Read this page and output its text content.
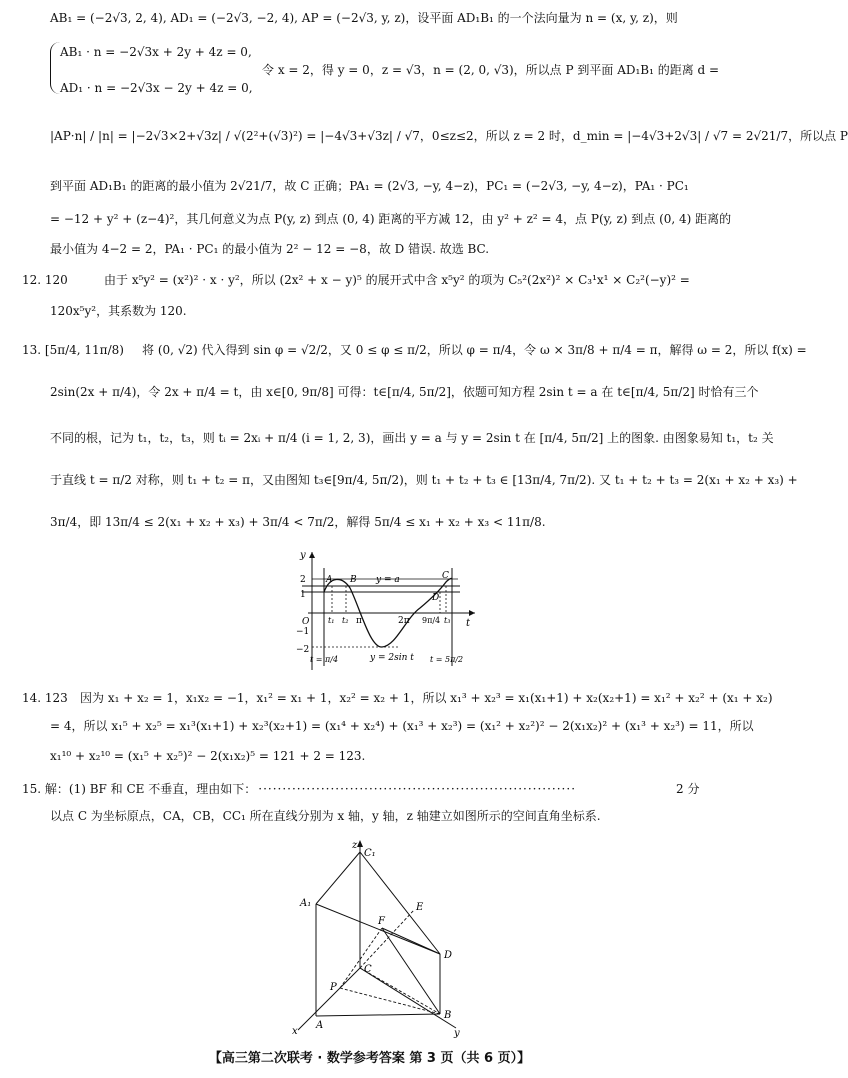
AB₁ = (−2√3, 2, 4), AD₁ = (−2√3, −2, 4), AP = (−2√3, y, z)，设平面 AD₁B₁ 的一个法向量为 n = (x, y, z)，则
AB₁ · n = −2√3x + 2y + 4z = 0,
令 x = 2，得 y = 0，z = √3，n = (2, 0, √3)，所以点 P 到平面 AD₁B₁ 的距离 d =
AD₁ · n = −2√3x − 2y + 4z = 0,
|AP·n| / |n| = |−2√3×2+√3z| / √(2²+(√3)²) = |−4√3+√3z| / √7，0≤z≤2，所以 z = 2 时，d_min = |−4√3+2√3| / √7 = 2√21/7，所以点 P
到平面 AD₁B₁ 的距离的最小值为 2√21/7，故 C 正确；PA₁ = (2√3, −y, 4−z)，PC₁ = (−2√3, −y, 4−z)，PA₁ · PC₁
= −12 + y² + (z−4)²，其几何意义为点 P(y, z) 到点 (0, 4) 距离的平方减 12，由 y² + z² = 4，点 P(y, z) 到点 (0, 4) 距离的
最小值为 4−2 = 2，PA₁ · PC₁ 的最小值为 2² − 12 = −8，故 D 错误. 故选 BC.
12. 120	由于 x⁵y² = (x²)² · x · y²，所以 (2x² + x − y)⁵ 的展开式中含 x⁵y² 的项为 C₅²(2x²)² × C₃¹x¹ × C₂²(−y)² =
120x⁵y²，其系数为 120.
13. [5π/4, 11π/8) 将 (0, √2) 代入得到 sin φ = √2/2，又 0 ≤ φ ≤ π/2，所以 φ = π/4，令 ω × 3π/8 + π/4 = π，解得 ω = 2，所以 f(x) =
2sin(2x + π/4)，令 2x + π/4 = t，由 x∈[0, 9π/8] 可得：t∈[π/4, 5π/2]，依题可知方程 2sin t = a 在 t∈[π/4, 5π/2] 时恰有三个
不同的根，记为 t₁，t₂，t₃，则 tᵢ = 2xᵢ + π/4 (i = 1, 2, 3)，画出 y = a 与 y = 2sin t 在 [π/4, 5π/2] 上的图象. 由图象易知 t₁，t₂ 关
于直线 t = π/2 对称，则 t₁ + t₂ = π，又由图知 t₃∈[9π/4, 5π/2)，则 t₁ + t₂ + t₃ ∈ [13π/4, 7π/2). 又 t₁ + t₂ + t₃ = 2(x₁ + x₂ + x₃) +
3π/4，即 13π/4 ≤ 2(x₁ + x₂ + x₃) + 3π/4 < 7π/2，解得 5π/4 ≤ x₁ + x₂ + x₃ < 11π/8.
y
t
O
2
1
−1
−2
A B	C
D
y = a
t₁ t₂ π	2π 9π/4 t₃
y = 2sin t
t = π/4	t = 5π/2
14. 123 因为 x₁ + x₂ = 1，x₁x₂ = −1，x₁² = x₁ + 1，x₂² = x₂ + 1，所以 x₁³ + x₂³ = x₁(x₁+1) + x₂(x₂+1) = x₁² + x₂² + (x₁ + x₂)
= 4，所以 x₁⁵ + x₂⁵ = x₁³(x₁+1) + x₂³(x₂+1) = (x₁⁴ + x₂⁴) + (x₁³ + x₂³) = (x₁² + x₂²)² − 2(x₁x₂)² + (x₁³ + x₂³) = 11，所以
x₁¹⁰ + x₂¹⁰ = (x₁⁵ + x₂⁵)² − 2(x₁x₂)⁵ = 121 + 2 = 123.
15. 解：(1) BF 和 CE 不垂直，理由如下： ··································································	2 分
以点 C 为坐标原点，CA，CB，CC₁ 所在直线分别为 x 轴，y 轴，z 轴建立如图所示的空间直角坐标系.
z
C₁
A₁	E
F
D
C
P
B
A
x	y
【高三第二次联考 · 数学参考答案 第 3 页（共 6 页）】
